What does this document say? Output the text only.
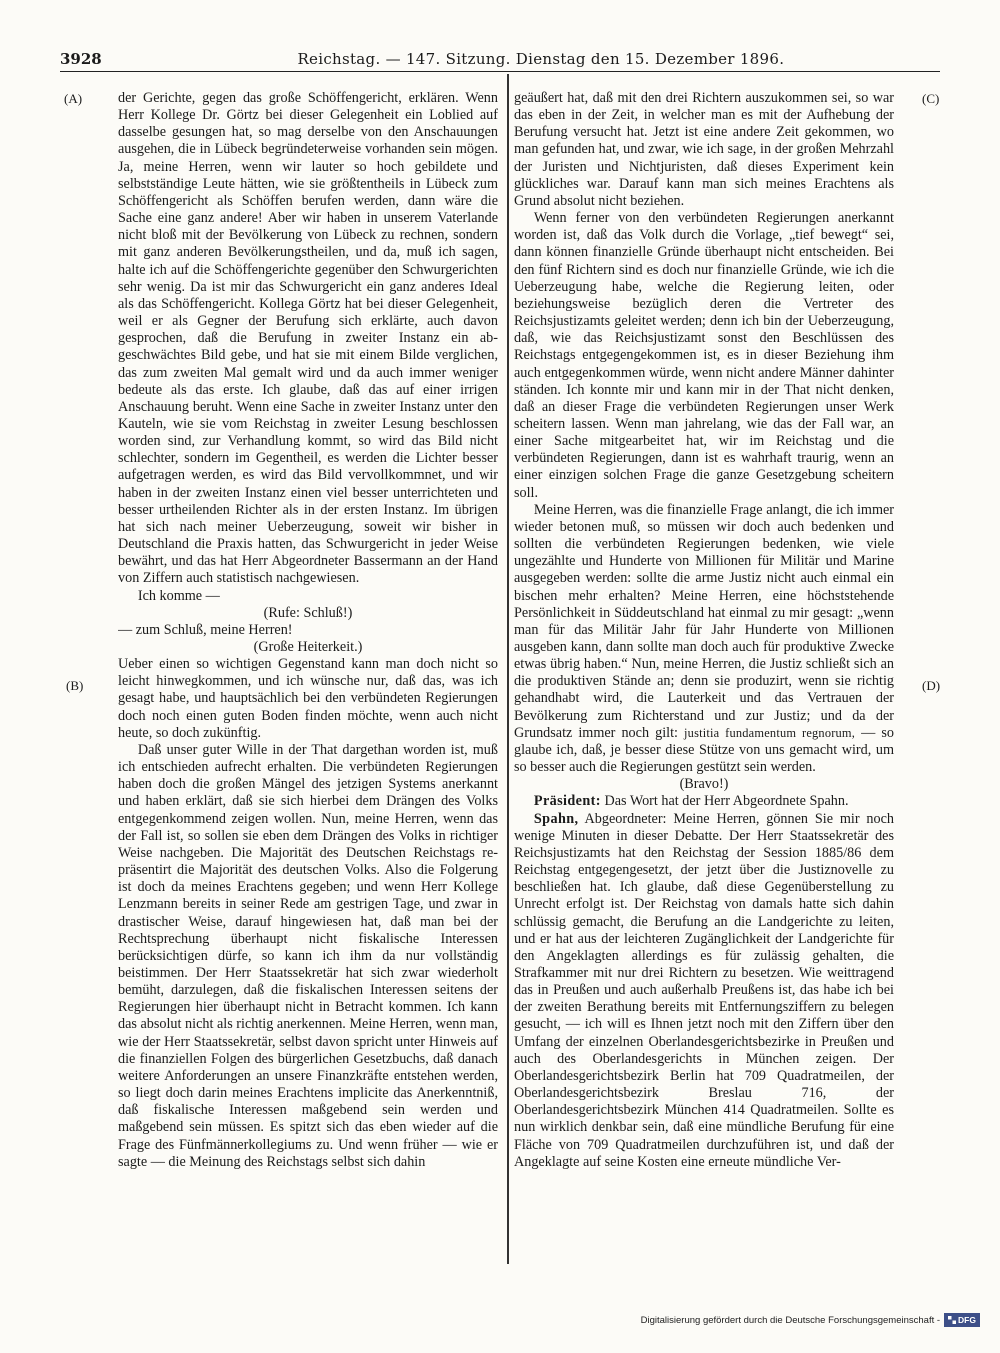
3928	Reichstag. — 147. Sitzung. Dienstag den 15. Dezember 1896.
(A)
(B)
(C)
(D)

der Gerichte, gegen das große Schöffengericht, erklären. Wenn Herr Kollege Dr. Görtz bei dieser Gelegenheit ein Loblied auf dasselbe gesungen hat, so mag derselbe von den Anschauungen ausgehen, die in Lübeck begründeterweise vorhanden sein mögen. Ja, meine Herren, wenn wir lauter so hoch gebildete und selbstständige Leute hätten, wie sie größtentheils in Lübeck zum Schöffengericht als Schöffen berufen werden, dann wäre die Sache eine ganz andere! Aber wir haben in unserem Vaterlande nicht bloß mit der Bevölkerung von Lübeck zu rechnen, sondern mit ganz anderen Bevölkerungstheilen, und da, muß ich sagen, halte ich auf die Schöffengerichte gegenüber den Schwurgerichten sehr wenig. Da ist mir das Schwurgericht ein ganz anderes Ideal als das Schöffengericht. Kollega Görtz hat bei dieser Gelegenheit, weil er als Gegner der Berufung sich erklärte, auch davon gesprochen, daß die Berufung in zweiter Instanz ein abgeschwächtes Bild gebe, und hat sie mit einem Bilde verglichen, das zum zweiten Mal gemalt wird und da auch immer weniger bedeute als das erste. Ich glaube, daß das auf einer irrigen Anschauung beruht. Wenn eine Sache in zweiter Instanz unter den Kauteln, wie sie vom Reichstag in zweiter Lesung beschlossen worden sind, zur Verhandlung kommt, so wird das Bild nicht schlechter, sondern im Gegentheil, es werden die Lichter besser aufgetragen werden, es wird das Bild vervollkommnet, und wir haben in der zweiten Instanz einen viel besser unterrichteten und besser urtheilenden Richter als in der ersten Instanz. Im übrigen hat sich nach meiner Ueberzeugung, soweit wir bisher in Deutschland die Praxis hatten, das Schwurgericht in jeder Weise bewährt, und das hat Herr Abgeordneter Bassermann an der Hand von Ziffern auch statistisch nachgewiesen.

Ich komme —

(Rufe: Schluß!)

— zum Schluß, meine Herren!

(Große Heiterkeit.)

Ueber einen so wichtigen Gegenstand kann man doch nicht so leicht hinwegkommen, und ich wünsche nur, daß das, was ich gesagt habe, und hauptsächlich bei den verbündeten Regierungen doch noch einen guten Boden finden möchte, wenn auch nicht heute, so doch zukünftig.

Daß unser guter Wille in der That dargethan worden ist, muß ich entschieden aufrecht erhalten. Die verbündeten Regierungen haben doch die großen Mängel des jetzigen Systems anerkannt und haben erklärt, daß sie sich hierbei dem Drängen des Volks entgegenkommend zeigen wollen. Nun, meine Herren, wenn das der Fall ist, so sollen sie eben dem Drängen des Volks in richtiger Weise nachgeben. Die Majorität des Deutschen Reichstags repräsentirt die Majorität des deutschen Volks. Also die Folgerung ist doch da meines Erachtens gegeben; und wenn Herr Kollege Lenzmann bereits in seiner Rede am gestrigen Tage, und zwar in drastischer Weise, darauf hingewiesen hat, daß man bei der Rechtsprechung überhaupt nicht fiskalische Interessen berücksichtigen dürfe, so kann ich ihm da nur vollständig beistimmen. Der Herr Staatssekretär hat sich zwar wiederholt bemüht, darzulegen, daß die fiskalischen Interessen seitens der Regierungen hier überhaupt nicht in Betracht kommen. Ich kann das absolut nicht als richtig anerkennen. Meine Herren, wenn man, wie der Herr Staatssekretär, selbst davon spricht unter Hinweis auf die finanziellen Folgen des bürgerlichen Gesetzbuchs, daß danach weitere Anforderungen an unsere Finanzkräfte entstehen werden, so liegt doch darin meines Erachtens implicite das Anerkenntniß, daß fiskalische Interessen maßgebend sein werden und maßgebend sein müssen. Es spitzt sich das eben wieder auf die Frage des Fünfmännerkollegiums zu. Und wenn früher — wie er sagte — die Meinung des Reichstags selbst sich dahin

geäußert hat, daß mit den drei Richtern auszukommen sei, so war das eben in der Zeit, in welcher man es mit der Aufhebung der Berufung versucht hat. Jetzt ist eine andere Zeit gekommen, wo man gefunden hat, und zwar, wie ich sage, in der großen Mehrzahl der Juristen und Nichtjuristen, daß dieses Experiment kein glückliches war. Darauf kann man sich meines Erachtens als Grund absolut nicht beziehen.

Wenn ferner von den verbündeten Regierungen anerkannt worden ist, daß das Volk durch die Vorlage, „tief bewegt“ sei, dann können finanzielle Gründe überhaupt nicht entscheiden. Bei den fünf Richtern sind es doch nur finanzielle Gründe, wie ich die Ueberzeugung habe, welche die Regierung leiten, oder beziehungsweise bezüglich deren die Vertreter des Reichsjustizamts geleitet werden; denn ich bin der Ueberzeugung, daß, wie das Reichsjustizamt sonst den Beschlüssen des Reichstags entgegengekommen ist, es in dieser Beziehung ihm auch entgegenkommen würde, wenn nicht andere Männer dahinter ständen. Ich konnte mir und kann mir in der That nicht denken, daß an dieser Frage die verbündeten Regierungen unser Werk scheitern lassen. Wenn man jahrelang, wie das der Fall war, an einer Sache mitgearbeitet hat, wir im Reichstag und die verbündeten Regierungen, dann ist es wahrhaft traurig, wenn an einer einzigen solchen Frage die ganze Gesetzgebung scheitern soll.

Meine Herren, was die finanzielle Frage anlangt, die ich immer wieder betonen muß, so müssen wir doch auch bedenken und sollten die verbündeten Regierungen bedenken, wie viele ungezählte und Hunderte von Millionen für Militär und Marine ausgegeben werden: sollte die arme Justiz nicht auch einmal ein bischen mehr erhalten? Meine Herren, eine höchststehende Persönlichkeit in Süddeutschland hat einmal zu mir gesagt: „wenn man für das Militär Jahr für Jahr Hunderte von Millionen ausgeben kann, dann sollte man doch auch für produktive Zwecke etwas übrig haben.“ Nun, meine Herren, die Justiz schließt sich an die produktiven Stände an; denn sie produzirt, wenn sie richtig gehandhabt wird, die Lauterkeit und das Vertrauen der Bevölkerung zum Richterstand und zur Justiz; und da der Grundsatz immer noch gilt: justitia fundamentum regnorum, — so glaube ich, daß, je besser diese Stütze von uns gemacht wird, um so besser auch die Regierungen gestützt sein werden.

(Bravo!)

Präsident: Das Wort hat der Herr Abgeordnete Spahn.

Spahn, Abgeordneter: Meine Herren, gönnen Sie mir noch wenige Minuten in dieser Debatte. Der Herr Staatssekretär des Reichsjustizamts hat den Reichstag der Session 1885/86 dem Reichstag entgegengesetzt, der jetzt über die Justiznovelle zu beschließen hat. Ich glaube, daß diese Gegenüberstellung zu Unrecht erfolgt ist. Der Reichstag von damals hatte sich dahin schlüssig gemacht, die Berufung an die Landgerichte zu leiten, und er hat aus der leichteren Zugänglichkeit der Landgerichte für den Angeklagten allerdings es für zulässig gehalten, die Strafkammer mit nur drei Richtern zu besetzen. Wie weittragend das in Preußen und auch außerhalb Preußens ist, das habe ich bei der zweiten Berathung bereits mit Entfernungsziffern zu belegen gesucht, — ich will es Ihnen jetzt noch mit den Ziffern über den Umfang der einzelnen Oberlandesgerichtsbezirke in Preußen und auch des Oberlandesgerichts in München zeigen. Der Oberlandesgerichtsbezirk Berlin hat 709 Quadratmeilen, der Oberlandesgerichtsbezirk Breslau 716, der Oberlandesgerichtsbezirk München 414 Quadratmeilen. Sollte es nun wirklich denkbar sein, daß eine mündliche Berufung für eine Fläche von 709 Quadratmeilen durchzuführen ist, und daß der Angeklagte auf seine Kosten eine erneute mündliche Ver-

Digitalisierung gefördert durch die Deutsche Forschungsgemeinschaft - DFG
